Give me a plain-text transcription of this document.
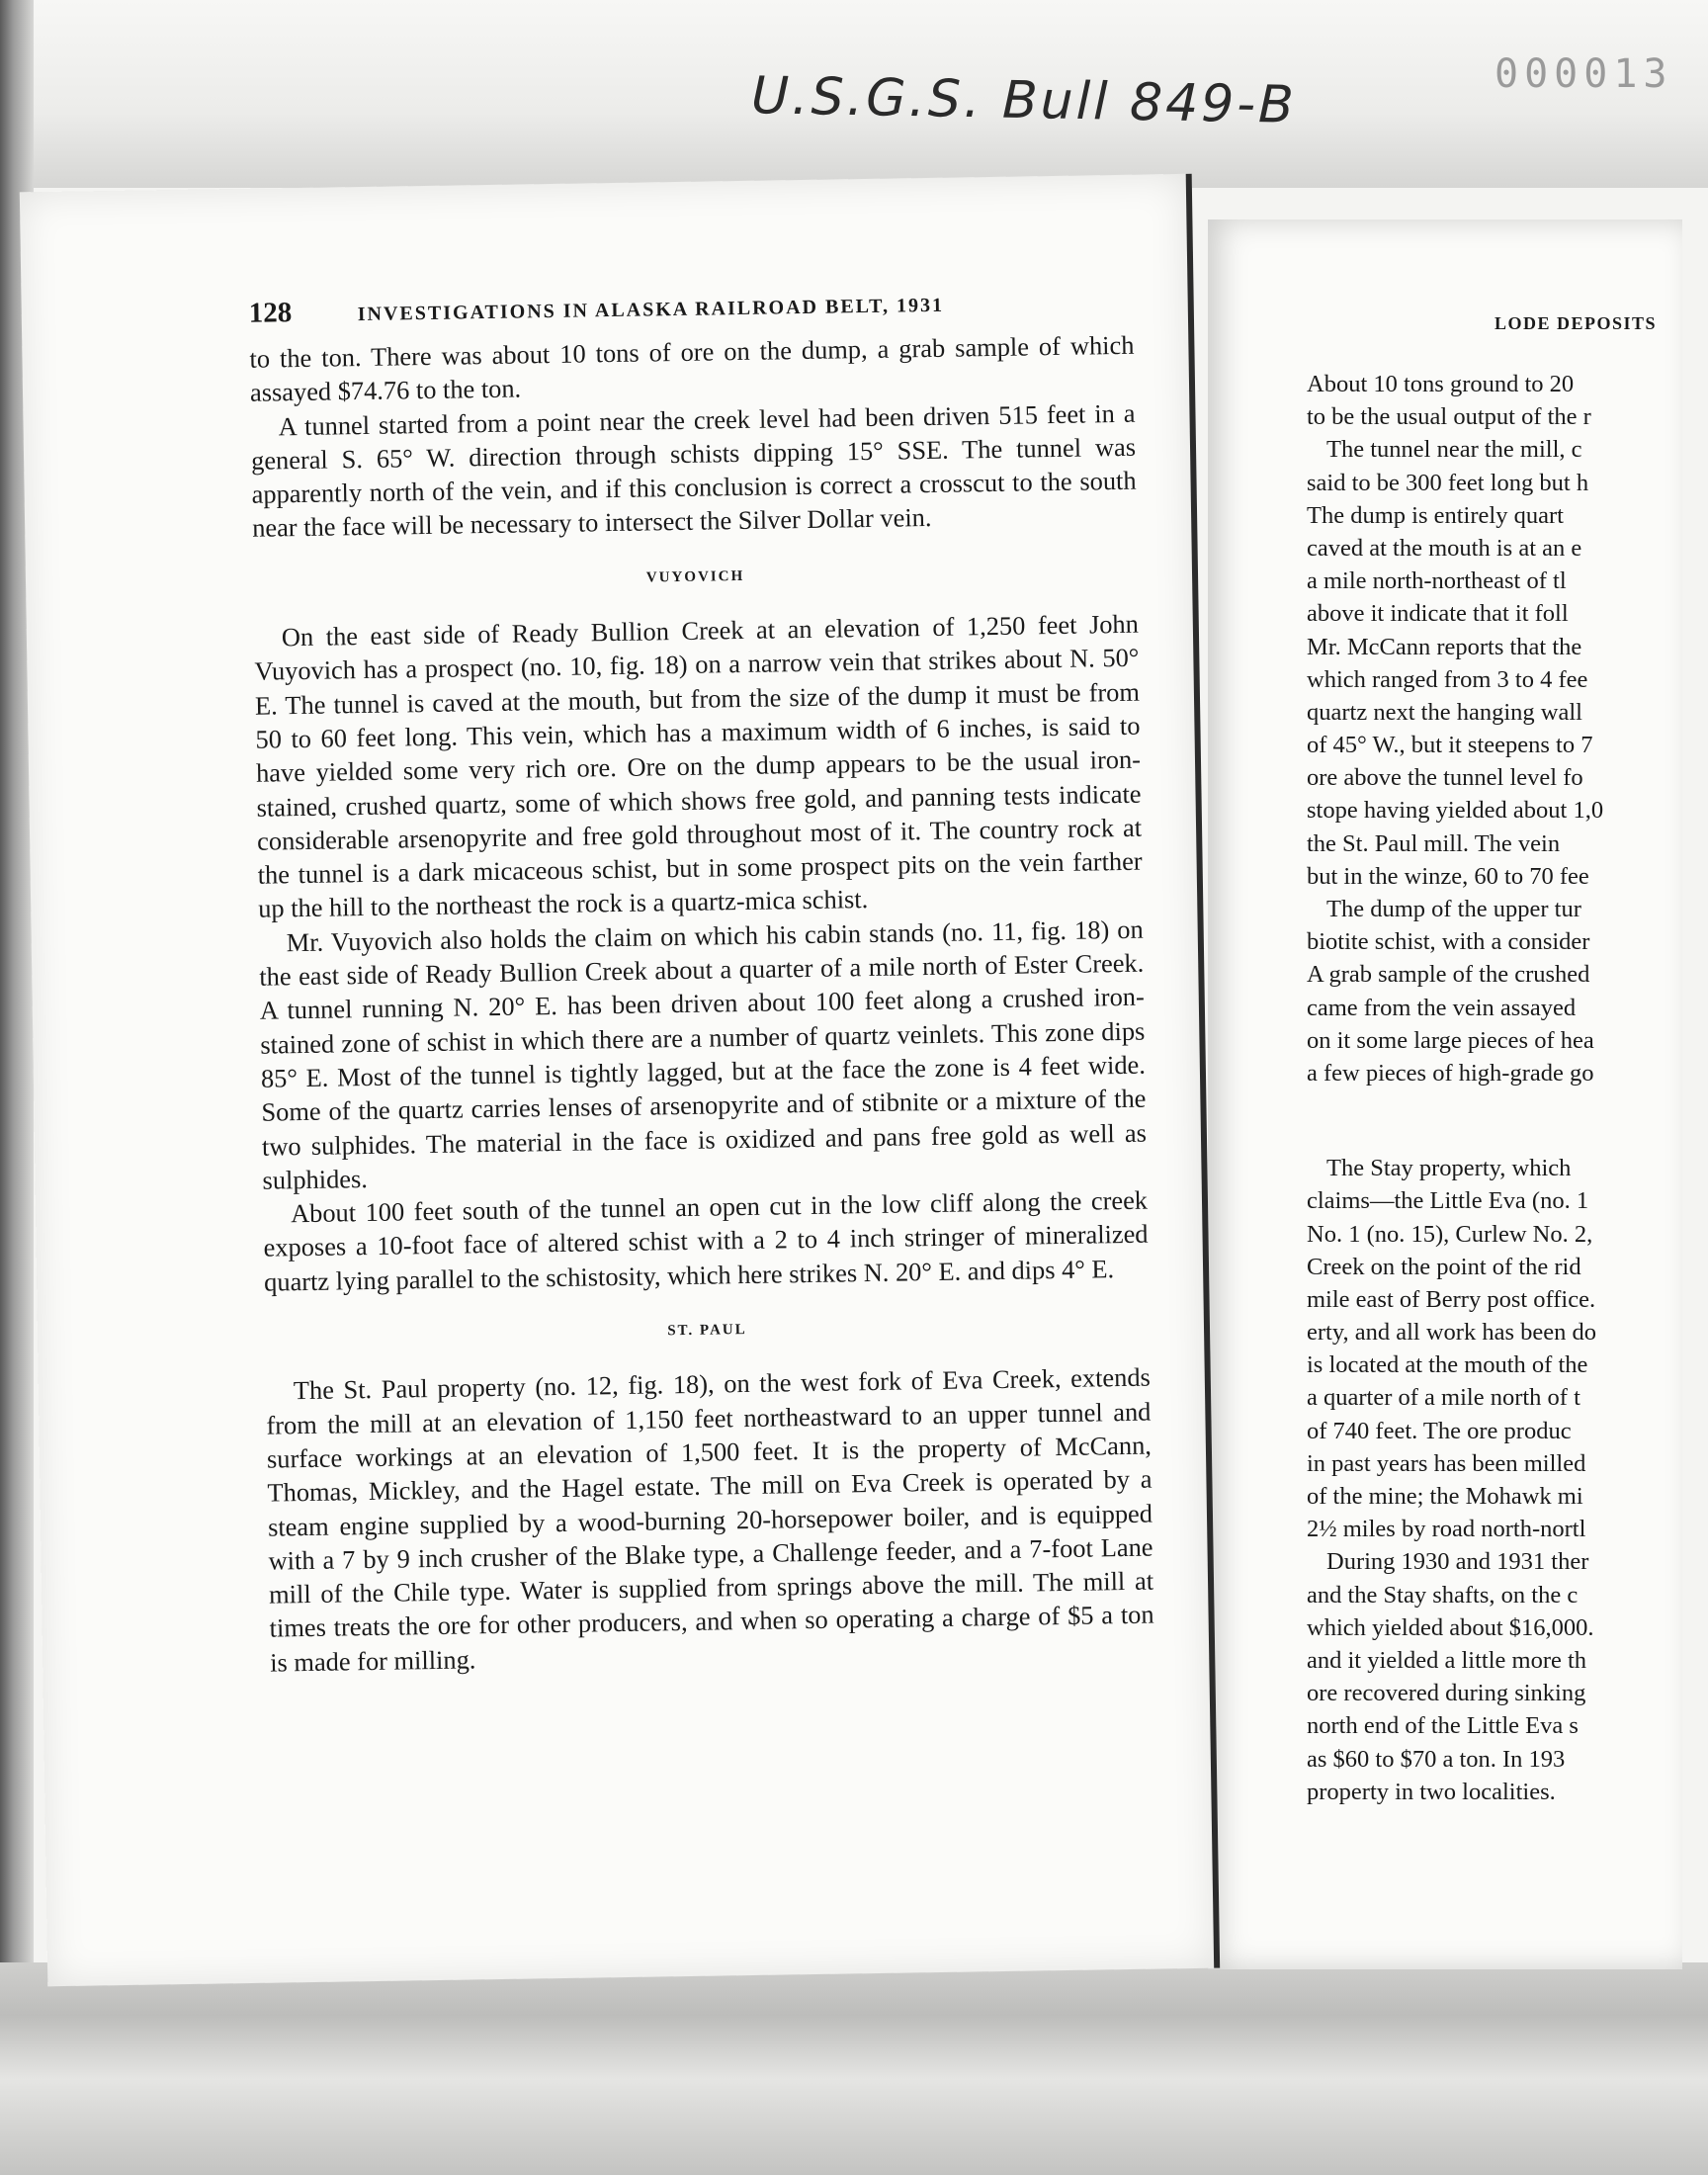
000013
U.S.G.S. Bull 849-B
LODE DEPOSITS
About 10 tons ground to 20
to be the usual output of the r
The tunnel near the mill, c
said to be 300 feet long but h
The dump is entirely quart
caved at the mouth is at an e
a mile north-northeast of tl
above it indicate that it foll
Mr. McCann reports that the
which ranged from 3 to 4 fee
quartz next the hanging wall
of 45° W., but it steepens to 7
ore above the tunnel level fo
stope having yielded about 1,0
the St. Paul mill. The vein
but in the winze, 60 to 70 fee
The dump of the upper tur
biotite schist, with a consider
A grab sample of the crushed
came from the vein assayed
on it some large pieces of hea
a few pieces of high-grade go
The Stay property, which
claims—the Little Eva (no. 1
No. 1 (no. 15), Curlew No. 2,
Creek on the point of the rid
mile east of Berry post office.
erty, and all work has been do
is located at the mouth of the
a quarter of a mile north of t
of 740 feet. The ore produc
in past years has been milled
of the mine; the Mohawk mi
2½ miles by road north-nortl
During 1930 and 1931 ther
and the Stay shafts, on the c
which yielded about $16,000.
and it yielded a little more th
ore recovered during sinking
north end of the Little Eva s
as $60 to $70 a ton. In 193
property in two localities.
128	INVESTIGATIONS IN ALASKA RAILROAD BELT, 1931

to the ton. There was about 10 tons of ore on the dump, a grab sample of which assayed $74.76 to the ton.

A tunnel started from a point near the creek level had been driven 515 feet in a general S. 65° W. direction through schists dipping 15° SSE. The tunnel was apparently north of the vein, and if this conclusion is correct a crosscut to the south near the face will be necessary to intersect the Silver Dollar vein.

VUYOVICH

On the east side of Ready Bullion Creek at an elevation of 1,250 feet John Vuyovich has a prospect (no. 10, fig. 18) on a narrow vein that strikes about N. 50° E. The tunnel is caved at the mouth, but from the size of the dump it must be from 50 to 60 feet long. This vein, which has a maximum width of 6 inches, is said to have yielded some very rich ore. Ore on the dump appears to be the usual iron-stained, crushed quartz, some of which shows free gold, and panning tests indicate considerable arsenopyrite and free gold throughout most of it. The country rock at the tunnel is a dark micaceous schist, but in some prospect pits on the vein farther up the hill to the northeast the rock is a quartz-mica schist.

Mr. Vuyovich also holds the claim on which his cabin stands (no. 11, fig. 18) on the east side of Ready Bullion Creek about a quarter of a mile north of Ester Creek. A tunnel running N. 20° E. has been driven about 100 feet along a crushed iron-stained zone of schist in which there are a number of quartz veinlets. This zone dips 85° E. Most of the tunnel is tightly lagged, but at the face the zone is 4 feet wide. Some of the quartz carries lenses of arsenopyrite and of stibnite or a mixture of the two sulphides. The material in the face is oxidized and pans free gold as well as sulphides.

About 100 feet south of the tunnel an open cut in the low cliff along the creek exposes a 10-foot face of altered schist with a 2 to 4 inch stringer of mineralized quartz lying parallel to the schistosity, which here strikes N. 20° E. and dips 4° E.

ST. PAUL

The St. Paul property (no. 12, fig. 18), on the west fork of Eva Creek, extends from the mill at an elevation of 1,150 feet northeastward to an upper tunnel and surface workings at an elevation of 1,500 feet. It is the property of McCann, Thomas, Mickley, and the Hagel estate. The mill on Eva Creek is operated by a steam engine supplied by a wood-burning 20-horsepower boiler, and is equipped with a 7 by 9 inch crusher of the Blake type, a Challenge feeder, and a 7-foot Lane mill of the Chile type. Water is supplied from springs above the mill. The mill at times treats the ore for other producers, and when so operating a charge of $5 a ton is made for milling.
